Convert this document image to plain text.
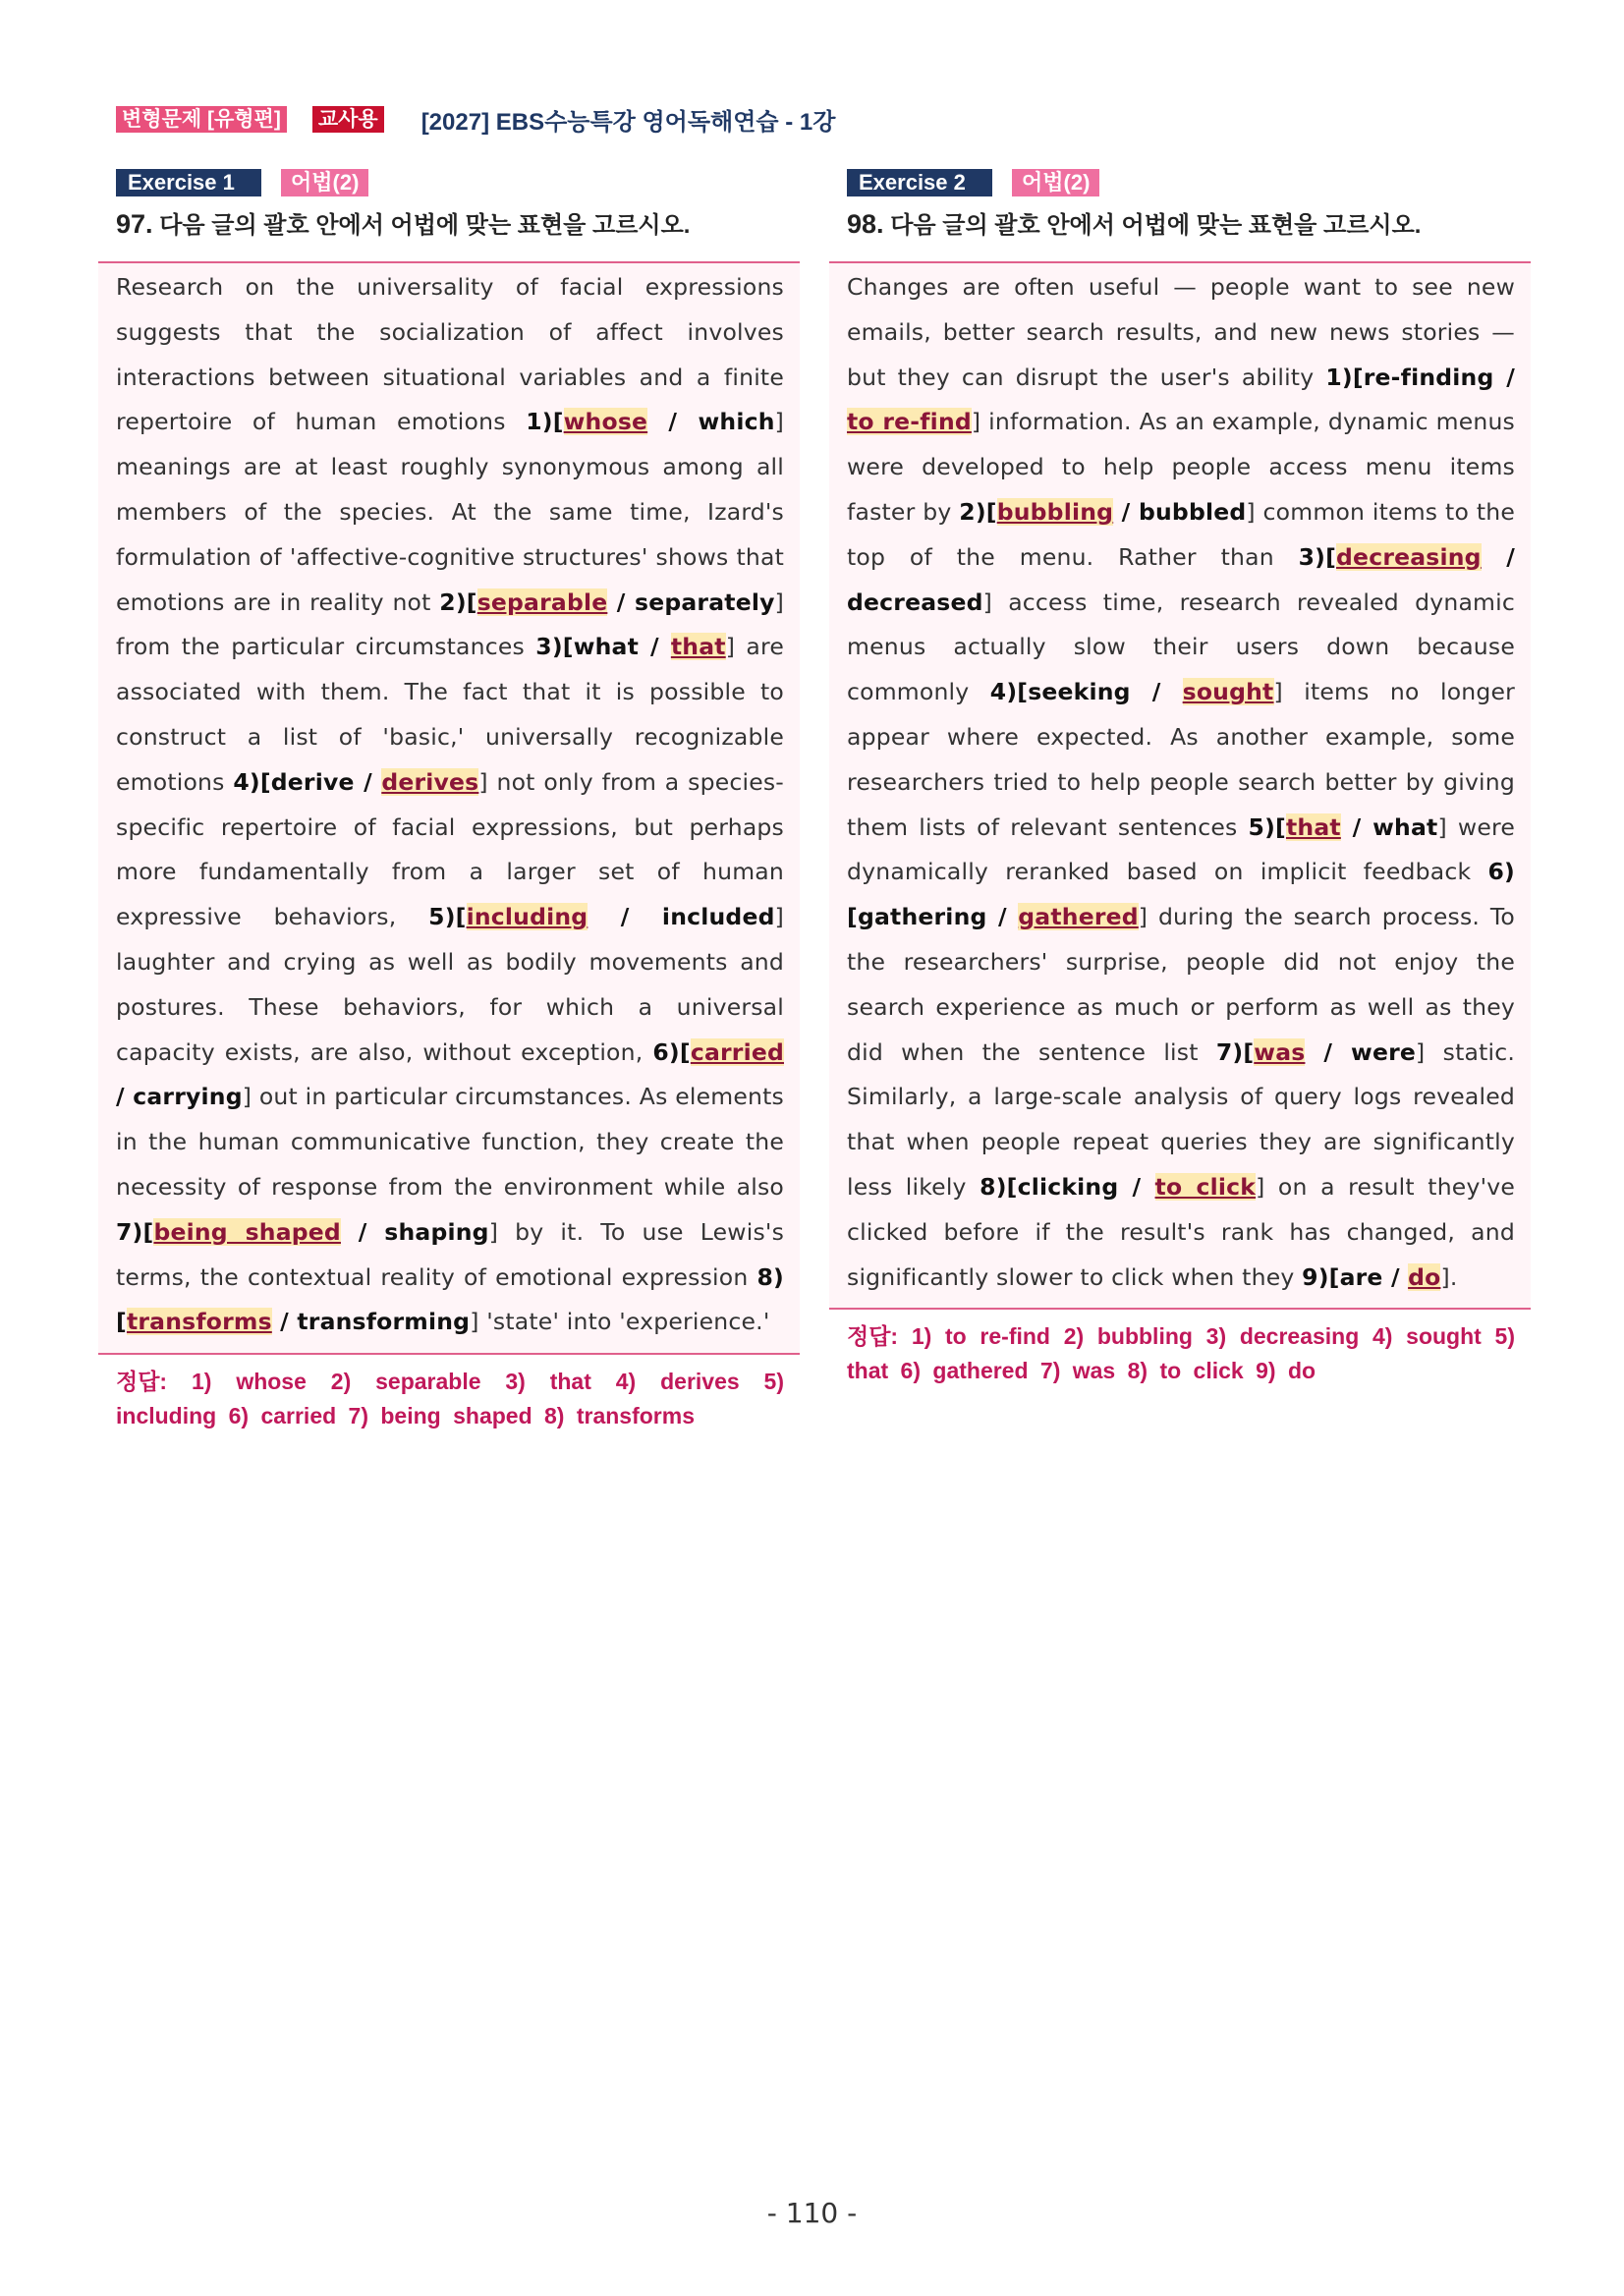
변형문제 [유형편] 교사용 [2027] EBS수능특강 영어독해연습 - 1강
Exercise 1	어법(2)
97. 다음 글의 괄호 안에서 어법에 맞는 표현을 고르시오.
Research on the universality of facial expressions suggests that the socialization of affect involves interactions between situational variables and a finite repertoire of human emotions 1)[whose / which] meanings are at least roughly synonymous among all members of the species. At the same time, Izard's formulation of 'affective-cognitive structures' shows that emotions are in reality not 2)[separable / separately] from the particular circumstances 3)[what / that] are associated with them. The fact that it is possible to construct a list of 'basic,' universally recognizable emotions 4)[derive / derives] not only from a species-specific repertoire of facial expressions, but perhaps more fundamentally from a larger set of human expressive behaviors, 5)[including / included] laughter and crying as well as bodily movements and postures. These behaviors, for which a universal capacity exists, are also, without exception, 6)[carried / carrying] out in particular circumstances. As elements in the human communicative function, they create the necessity of response from the environment while also 7)[being shaped / shaping] by it. To use Lewis's terms, the contextual reality of emotional expression 8)[transforms / transforming] 'state' into 'experience.'
정답: 1) whose 2) separable 3) that 4) derives 5) including 6) carried 7) being shaped 8) transforms
Exercise 2	어법(2)
98. 다음 글의 괄호 안에서 어법에 맞는 표현을 고르시오.
Changes are often useful — people want to see new emails, better search results, and new news stories — but they can disrupt the user's ability 1)[re-finding / to re-find] information. As an example, dynamic menus were developed to help people access menu items faster by 2)[bubbling / bubbled] common items to the top of the menu. Rather than 3)[decreasing / decreased] access time, research revealed dynamic menus actually slow their users down because commonly 4)[seeking / sought] items no longer appear where expected. As another example, some researchers tried to help people search better by giving them lists of relevant sentences 5)[that / what] were dynamically reranked based on implicit feedback 6)[gathering / gathered] during the search process. To the researchers' surprise, people did not enjoy the search experience as much or perform as well as they did when the sentence list 7)[was / were] static. Similarly, a large-scale analysis of query logs revealed that when people repeat queries they are significantly less likely 8)[clicking / to click] on a result they've clicked before if the result's rank has changed, and significantly slower to click when they 9)[are / do].
정답: 1) to re-find 2) bubbling 3) decreasing 4) sought 5) that 6) gathered 7) was 8) to click 9) do
- 110 -
